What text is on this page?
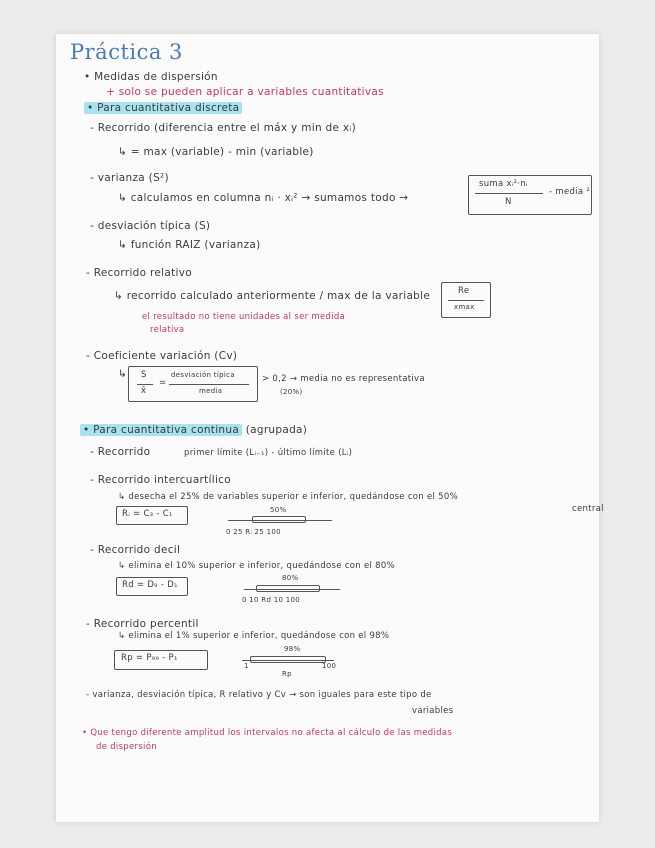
Práctica 3
• Medidas de dispersión
+ solo se pueden aplicar a variables cuantitativas
• Para cuantitativa discreta
- Recorrido (diferencia entre el máx y min de xᵢ)
↳ = max (variable) - min (variable)
- varianza (S²)
↳ calculamos en columna nᵢ · xᵢ² → sumamos todo →
suma xᵢ²·nᵢ
N
- media ²
- desviación típica (S)
↳ función RAIZ (varianza)
- Recorrido relativo
↳ recorrido calculado anteriormente / max de la variable	Re
xmax
el resultado no tiene unidades al ser medida
relativa
- Coeficiente variación (Cv)
↳ S
x̄
=
desviación típica
media
> 0,2 → media no es representativa
(20%)
• Para cuantitativa continua (agrupada)
- Recorrido	primer límite (Lᵢ₋₁) - último límite (Lᵢ)
- Recorrido intercuartílico
↳ desecha el 25% de variables superior e inferior, quedándose con el 50%
central
Rᵢ = C₃ - C₁	50%
0 25 Rᵢ 25 100
- Recorrido decil
↳ elimina el 10% superior e inferior, quedándose con el 80%
Rd = D₉ - D₁
80%
0 10 Rd 10 100
- Recorrido percentil
↳ elimina el 1% superior e inferior, quedándose con el 98%
Rp = P₉₉ - P₁
98%
1	100
Rp
- varianza, desviación típica, R relativo y Cv → son iguales para este tipo de
variables
• Que tengo diferente amplitud los intervalos no afecta al cálculo de las medidas
de dispersión
